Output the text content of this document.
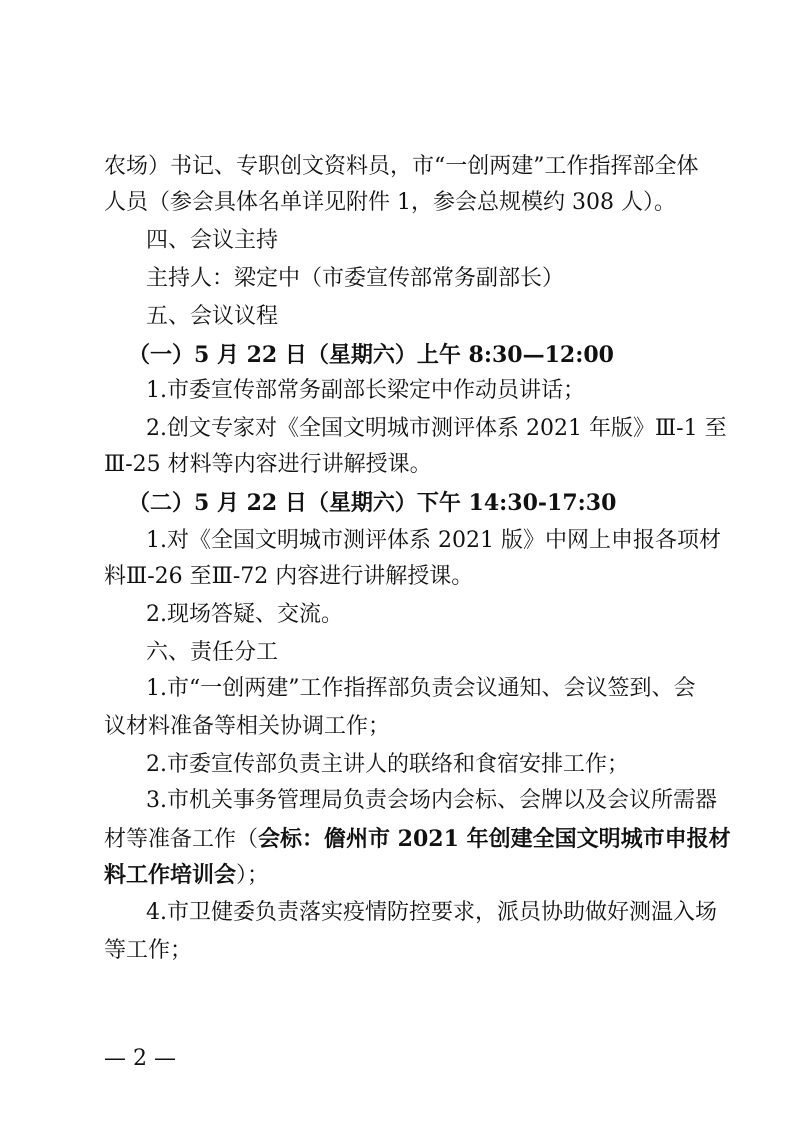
农场）书记、专职创文资料员，市“一创两建”工作指挥部全体
人员（参会具体名单详见附件 1，参会总规模约 308 人）。
四、会议主持
主持人：梁定中（市委宣传部常务副部长）
五、会议议程
（一）5 月 22 日（星期六）上午 8:30—12:00
1.市委宣传部常务副部长梁定中作动员讲话；
2.创文专家对《全国文明城市测评体系 2021 年版》Ⅲ-1 至
Ⅲ-25 材料等内容进行讲解授课。
（二）5 月 22 日（星期六）下午 14:30-17:30
1.对《全国文明城市测评体系 2021 版》中网上申报各项材
料Ⅲ-26 至Ⅲ-72 内容进行讲解授课。
2.现场答疑、交流。
六、责任分工
1.市“一创两建”工作指挥部负责会议通知、会议签到、会
议材料准备等相关协调工作；
2.市委宣传部负责主讲人的联络和食宿安排工作；
3.市机关事务管理局负责会场内会标、会牌以及会议所需器
材等准备工作（会标：儋州市 2021 年创建全国文明城市申报材
料工作培训会）；
4.市卫健委负责落实疫情防控要求，派员协助做好测温入场
等工作；
— 2 —
